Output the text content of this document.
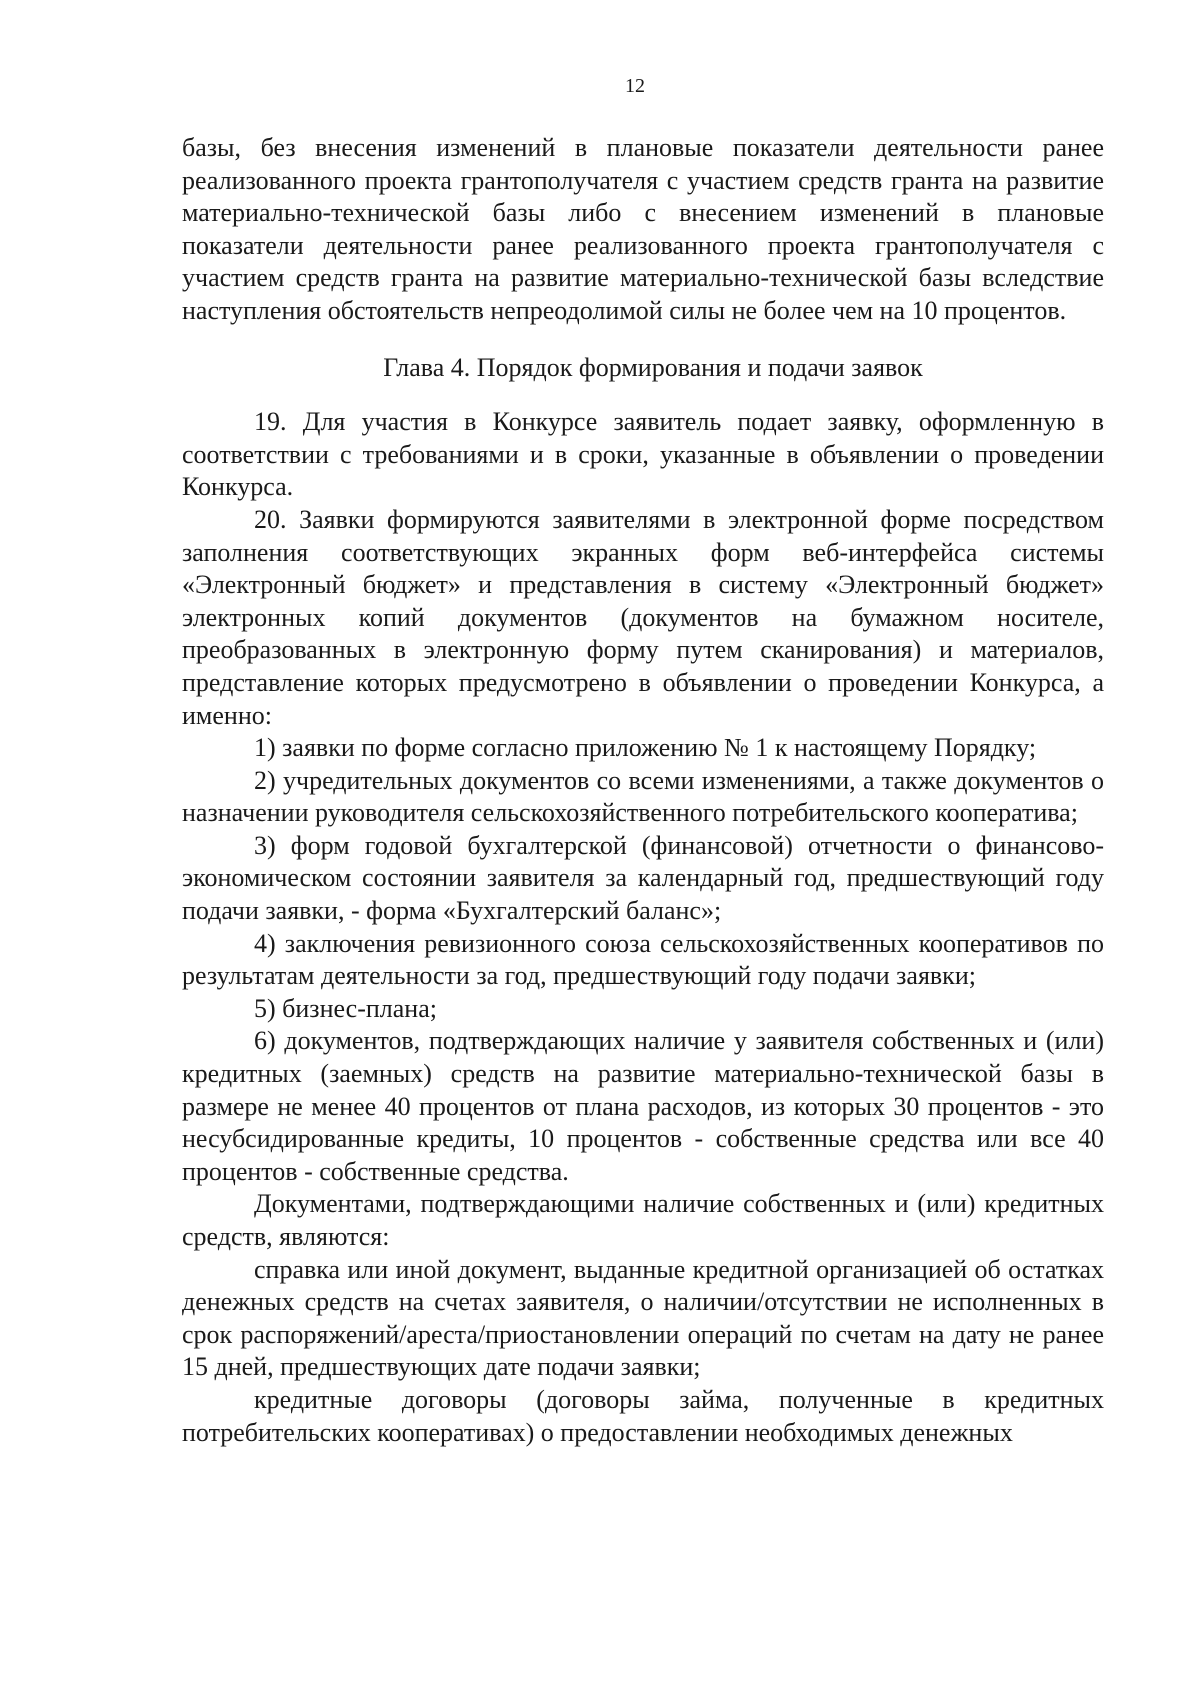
12

базы, без внесения изменений в плановые показатели деятельности ранее реализованного проекта грантополучателя с участием средств гранта на развитие материально-технической базы либо с внесением изменений в плановые показатели деятельности ранее реализованного проекта грантополучателя с участием средств гранта на развитие материально-технической базы вследствие наступления обстоятельств непреодолимой силы не более чем на 10 процентов.

Глава 4. Порядок формирования и подачи заявок

19. Для участия в Конкурсе заявитель подает заявку, оформленную в соответствии с требованиями и в сроки, указанные в объявлении о проведении Конкурса.

20. Заявки формируются заявителями в электронной форме посредством заполнения соответствующих экранных форм веб-интерфейса системы «Электронный бюджет» и представления в систему «Электронный бюджет» электронных копий документов (документов на бумажном носителе, преобразованных в электронную форму путем сканирования) и материалов, представление которых предусмотрено в объявлении о проведении Конкурса, а именно:

1) заявки по форме согласно приложению № 1 к настоящему Порядку;

2) учредительных документов со всеми изменениями, а также документов о назначении руководителя сельскохозяйственного потребительского кооператива;

3) форм годовой бухгалтерской (финансовой) отчетности о финансово-экономическом состоянии заявителя за календарный год, предшествующий году подачи заявки, - форма «Бухгалтерский баланс»;

4) заключения ревизионного союза сельскохозяйственных кооперативов по результатам деятельности за год, предшествующий году подачи заявки;

5) бизнес-плана;

6) документов, подтверждающих наличие у заявителя собственных и (или) кредитных (заемных) средств на развитие материально-технической базы в размере не менее 40 процентов от плана расходов, из которых 30 процентов - это несубсидированные кредиты, 10 процентов - собственные средства или все 40 процентов - собственные средства.

Документами, подтверждающими наличие собственных и (или) кредитных средств, являются:

справка или иной документ, выданные кредитной организацией об остатках денежных средств на счетах заявителя, о наличии/отсутствии не исполненных в срок распоряжений/ареста/приостановлении операций по счетам на дату не ранее 15 дней, предшествующих дате подачи заявки;

кредитные договоры (договоры займа, полученные в кредитных потребительских кооперативах) о предоставлении необходимых денежных
